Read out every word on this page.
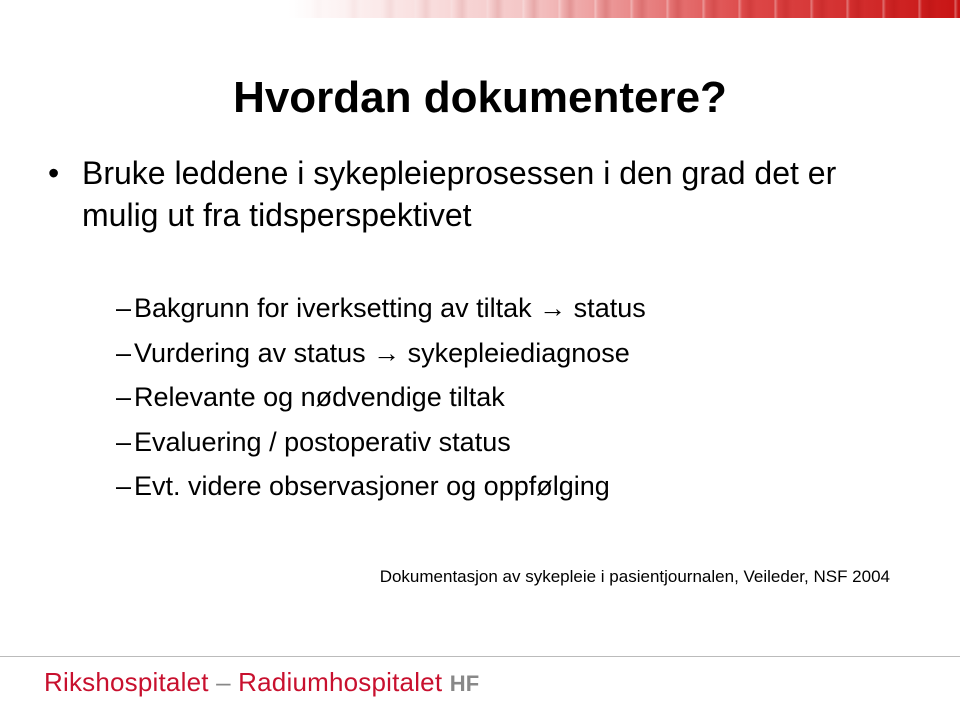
Hvordan dokumentere?
• Bruke leddene i sykepleieprosessen i den grad det er mulig ut fra tidsperspektivet
– Bakgrunn for iverksetting av tiltak → status
– Vurdering av status → sykepleiediagnose
– Relevante og nødvendige tiltak
– Evaluering / postoperativ status
– Evt. videre observasjoner og oppfølging
Dokumentasjon av sykepleie i pasientjournalen, Veileder, NSF 2004
Rikshospitalet – Radiumhospitalet HF
